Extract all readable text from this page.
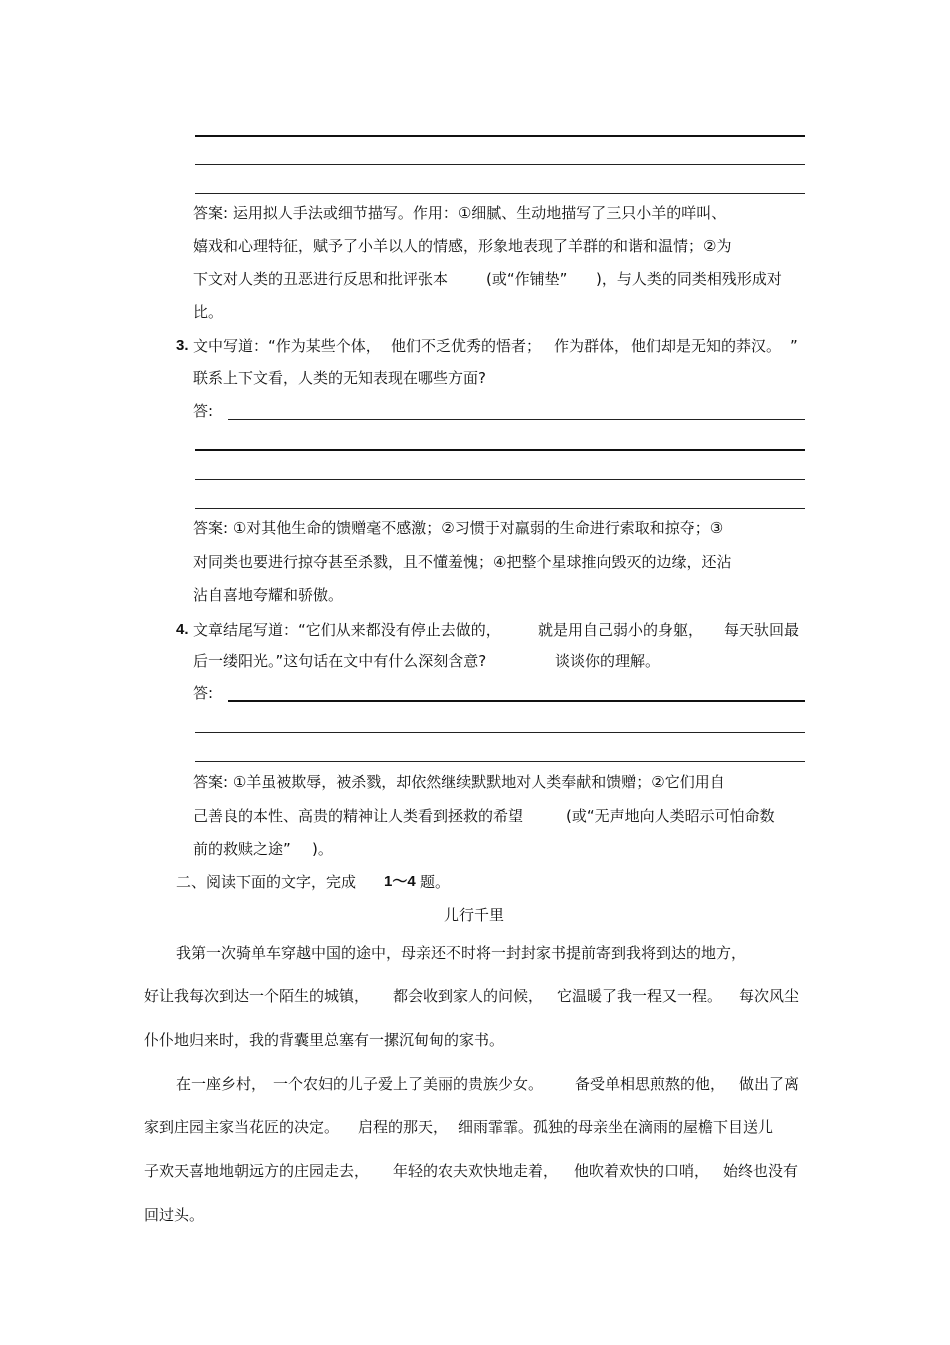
答案: 运用拟人手法或细节描写。作用：①细腻、生动地描写了三只小羊的咩叫、
嬉戏和心理特征，赋予了小羊以人的情感，形象地表现了羊群的和谐和温情；②为
下文对人类的丑恶进行反思和批评张本	(或“作铺垫” )，与人类的同类相残形成对
比。
3. 文中写道：“作为某些个体， 他们不乏优秀的悟者； 作为群体， 他们却是无知的莽汉。 ”
联系上下文看，人类的无知表现在哪些方面?
答:
答案: ①对其他生命的馈赠毫不感激；②习惯于对羸弱的生命进行索取和掠夺；③
对同类也要进行掠夺甚至杀戮，且不懂羞愧；④把整个星球推向毁灭的边缘，还沾
沾自喜地夸耀和骄傲。
4. 文章结尾写道：“它们从来都没有停止去做的， 就是用自己弱小的身躯， 每天驮回最
后一缕阳光。”这句话在文中有什么深刻含意?	谈谈你的理解。
答:
答案: ①羊虽被欺辱，被杀戮，却依然继续默默地对人类奉献和馈赠；②它们用自
己善良的本性、高贵的精神让人类看到拯救的希望	(或“无声地向人类昭示可怕命数
前的救赎之途” )。
二、阅读下面的文字，完成 1～4 题。
儿行千里
我第一次骑单车穿越中国的途中，母亲还不时将一封封家书提前寄到我将到达的地方，
好让我每次到达一个陌生的城镇， 都会收到家人的问候， 它温暖了我一程又一程。 每次风尘
仆仆地归来时，我的背囊里总塞有一摞沉甸甸的家书。
在一座乡村， 一个农妇的儿子爱上了美丽的贵族少女。 备受单相思煎熬的他， 做出了离
家到庄园主家当花匠的决定。 启程的那天， 细雨霏霏。孤独的母亲坐在滴雨的屋檐下目送儿
子欢天喜地地朝远方的庄园走去， 年轻的农夫欢快地走着， 他吹着欢快的口哨， 始终也没有
回过头。
